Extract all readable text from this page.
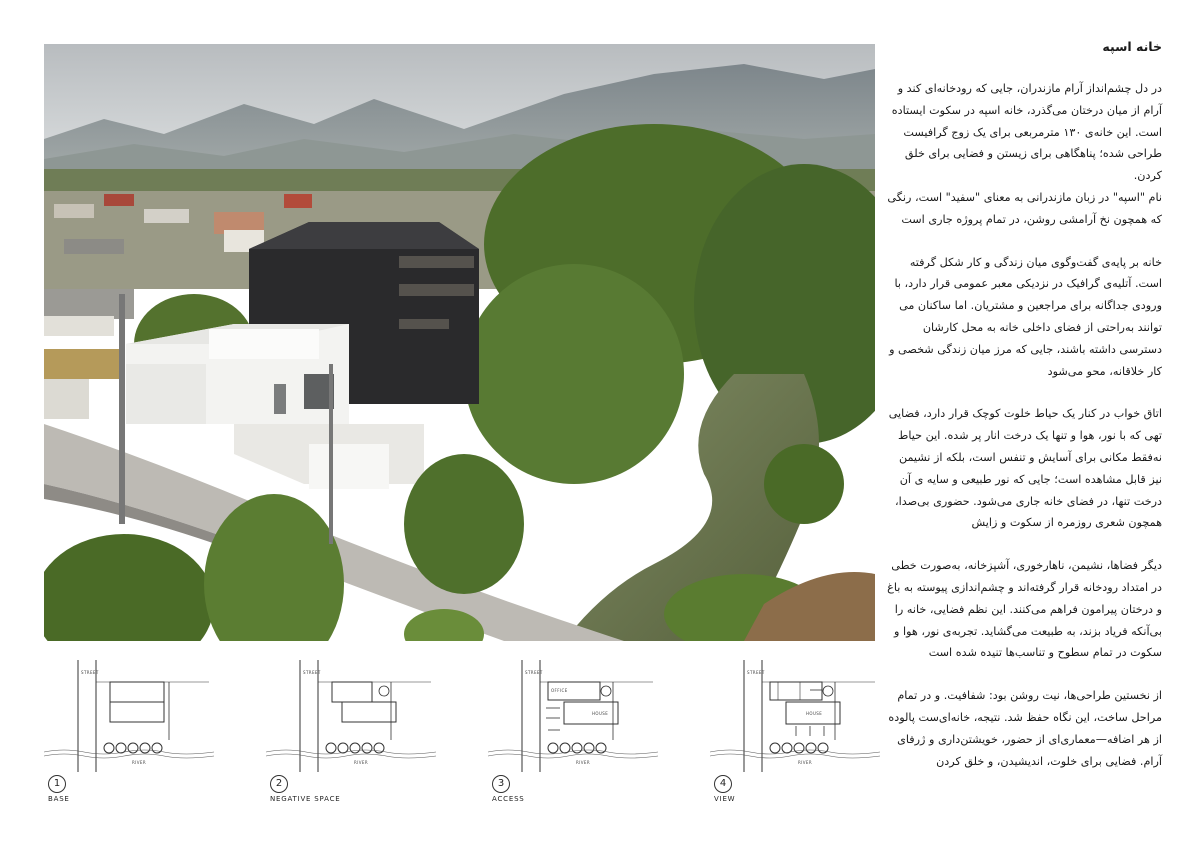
خانه اسپه
در دل چشم‌انداز آرام مازندران، جایی که رودخانه‌ای کند و آرام از میان درختان می‌گذرد، خانه اسپه در سکوت ایستاده است. این خانه‌ی ۱۳۰ مترمربعی برای یک زوج گرافیست طراحی شده؛ پناهگاهی برای زیستن و فضایی برای خلق کردن.
نام "اسپه" در زبان مازندرانی به معنای "سفید" است، رنگی که همچون نخ آرامشی روشن، در تمام پروژه جاری است
خانه بر پایه‌ی گفت‌وگوی میان زندگی و کار شکل گرفته است. آتلیه‌ی گرافیک در نزدیکی معبر عمومی قرار دارد، با ورودی جداگانه برای مراجعین و مشتریان. اما ساکنان می توانند به‌راحتی از فضای داخلی خانه به محل کارشان دسترسی داشته باشند، جایی که مرز میان زندگی شخصی و کار خلاقانه، محو می‌شود
اتاق خواب در کنار یک حیاط خلوت کوچک قرار دارد، فضایی تهی که با نور، هوا و تنها یک درخت انار پر شده. این حیاط نه‌فقط مکانی برای آسایش و تنفس است، بلکه از نشیمن نیز قابل مشاهده است؛ جایی که نور طبیعی و سایه ی آن درخت تنها، در فضای خانه جاری می‌شود. حضوری بی‌صدا، همچون شعری روزمره از سکوت و زایش
دیگر فضاها، نشیمن، ناهارخوری، آشپزخانه، به‌صورت خطی در امتداد رودخانه قرار گرفته‌اند و چشم‌اندازی پیوسته به باغ و درختان پیرامون فراهم می‌کنند. این نظم فضایی، خانه را بی‌آنکه فریاد بزند، به طبیعت می‌گشاید. تجربه‌ی نور، هوا و سکوت در تمام سطوح و تناسب‌ها تنیده شده است
از نخستین طراحی‌ها، نیت روشن بود: شفافیت. و در تمام مراحل ساخت، این نگاه حفظ شد. نتیجه، خانه‌ای‌ست پالوده از هر اضافه—معماری‌ای از حضور، خویشتن‌داری و ژرفای آرام. فضایی برای خلوت، اندیشیدن، و خلق کردن
STREET
RIVER
1
BASE
STREET
RIVER
2
NEGATIVE SPACE
STREET
OFFICE
HOUSE
RIVER
3
ACCESS
STREET
HOUSE
RIVER
4
VIEW
